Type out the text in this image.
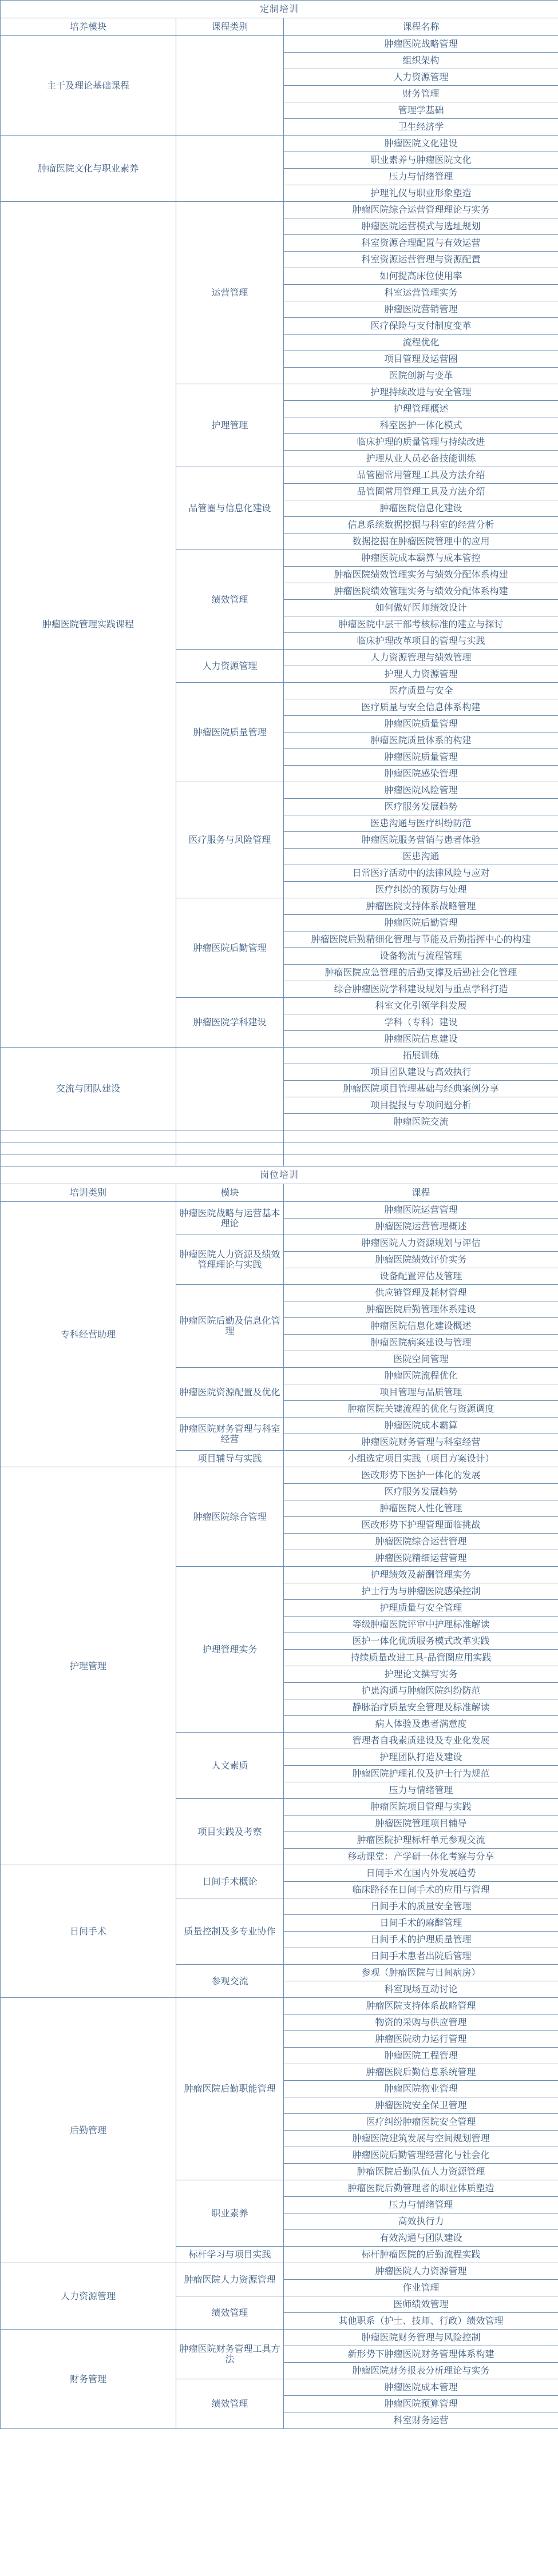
定制培训		
培养模块	课程类别	课程名称
主干及理论基础课程		肿瘤医院战略管理
		组织架构
		人力资源管理
		财务管理
		管理学基础
		卫生经济学
肿瘤医院文化与职业素养		肿瘤医院文化建设
		职业素养与肿瘤医院文化
		压力与情绪管理
		护理礼仪与职业形象塑造
肿瘤医院管理实践课程	运营管理	肿瘤医院综合运营管理理论与实务
		肿瘤医院运营模式与选址规划
		科室资源合理配置与有效运营
		科室资源运营管理与资源配置
		如何提高床位使用率
		科室运营管理实务
		肿瘤医院营销管理
		医疗保险与支付制度变革
		流程优化
		项目管理及运营圈
		医院创新与变革
	护理管理	护理持续改进与安全管理
		护理管理概述
		科室医护一体化模式
		临床护理的质量管理与持续改进
		护理从业人员必备技能训练
	品管圈与信息化建设	品管圈常用管理工具及方法介绍
		品管圈常用管理工具及方法介绍
		肿瘤医院信息化建设
		信息系统数据挖掘与科室的经营分析
		数据挖掘在肿瘤医院管理中的应用
	绩效管理	肿瘤医院成本霸算与成本管控
		肿瘤医院绩效管理实务与绩效分配体系构建
		肿瘤医院绩效管理实务与绩效分配体系构建
		如何做好医师绩效设计
		肿瘤医院中层干部考核标准的建立与探讨
		临床护理改革项目的管理与实践
	人力资源管理	人力资源管理与绩效管理
		护理人力资源管理
	肿瘤医院质量管理	医疗质量与安全
		医疗质量与安全信息体系构建
		肿瘤医院质量管理
		肿瘤医院质量体系的构建
		肿瘤医院质量管理
		肿瘤医院感染管理
	医疗服务与风险管理	肿瘤医院风险管理
		医疗服务发展趋势
		医患沟通与医疗纠纷防范
		肿瘤医院服务营销与患者体验
		医患沟通
		日常医疗活动中的法律风险与应对
		医疗纠纷的预防与处理
	肿瘤医院后勤管理	肿瘤医院支持体系战略管理
		肿瘤医院后勤管理
		肿瘤医院后勤精细化管理与节能及后勤指挥中心的构建
		设备物流与流程管理
		肿瘤医院应急管理的后勤支撑及后勤社会化管理
		综合肿瘤医院学科建设规划与重点学科打造
	肿瘤医院学科建设	科室文化引领学科发展
		学科（专科）建设
		肿瘤医院信息建设
交流与团队建设		拓展训练
		项目团队建设与高效执行
		肿瘤医院项目管理基础与经典案例分享
		项目提报与专项问题分析
		肿瘤医院交流

岗位培训		
培训类别	模块	课程
专科经营助理	肿瘤医院战略与运营基本理论	肿瘤医院运营管理
		肿瘤医院运营管理概述
	肿瘤医院人力资源及绩效管理理论与实践	肿瘤医院人力资源规划与评估
		肿瘤医院绩效评价实务
		设备配置评估及管理
	肿瘤医院后勤及信息化管理	供应链管理及耗材管理
		肿瘤医院后勤管理体系建设
		肿瘤医院信息化建设概述
		肿瘤医院病案建设与管理
		医院空间管理
	肿瘤医院资源配置及优化	肿瘤医院流程优化
		项目管理与品质管理
		肿瘤医院关键流程的优化与资源调度
	肿瘤医院财务管理与科室经营	肿瘤医院成本霸算
		肿瘤医院财务管理与科室经营
	项目辅导与实践	小组选定项目实践（项目方案设计）
护理管理	肿瘤医院综合管理	医改形势下医护一体化的发展
		医疗服务发展趋势
		肿瘤医院人性化管理
		医改形势下护理管理面临挑战
		肿瘤医院综合运营管理
		肿瘤医院精细运营管理
	护理管理实务	护理绩效及薪酬管理实务
		护士行为与肿瘤医院感染控制
		护理质量与安全管理
		等级肿瘤医院评审中护理标准解读
		医护一体化优质服务模式改革实践
		持续质量改进工具-品管圈应用实践
		护理论文撰写实务
		护患沟通与肿瘤医院纠纷防范
		静脉治疗质量安全管理及标准解读
		病人体验及患者满意度
	人文素质	管理者自我素质建设及专业化发展
		护理团队打造及建设
		肿瘤医院护理礼仪及护士行为规范
		压力与情绪管理
	项目实践及考察	肿瘤医院项目管理与实践
		肿瘤医院管理项目辅导
		肿瘤医院护理标杆单元参观交流
		移动课堂：产学研一体化考察与分享
日间手术	日间手术概论	日间手术在国内外发展趋势
		临床路径在日间手术的应用与管理
	质量控制及多专业协作	日间手术的质量安全管理
		日间手术的麻醉管理
		日间手术的护理质量管理
		日间手术患者出院后管理
	参观交流	参观（肿瘤医院与日间病房）
		科室现场互动讨论
后勤管理	肿瘤医院后勤职能管理	肿瘤医院支持体系战略管理
		物资的采购与供应管理
		肿瘤医院动力运行管理
		肿瘤医院工程管理
		肿瘤医院后勤信息系统管理
		肿瘤医院物业管理
		肿瘤医院安全保卫管理
		医疗纠纷肿瘤医院安全管理
		肿瘤医院建筑发展与空间规划管理
		肿瘤医院后勤管理经营化与社会化
		肿瘤医院后勤队伍人力资源管理
	职业素养	肿瘤医院后勤管理者的职业体质塑造
		压力与情绪管理
		高效执行力
		有效沟通与团队建设
	标杆学习与项目实践	标杆肿瘤医院的后勤流程实践
人力资源管理	肿瘤医院人力资源管理	肿瘤医院人力资源管理
		作业管理
	绩效管理	医师绩效管理
		其他职系（护士、技师、行政）绩效管理
财务管理	肿瘤医院财务管理工具方法	肿瘤医院财务管理与风险控制
		新形势下肿瘤医院财务管理体系构建
		肿瘤医院财务报表分析理论与实务
	绩效管理	肿瘤医院成本管理
		肿瘤医院预算管理
		科室财务运营
